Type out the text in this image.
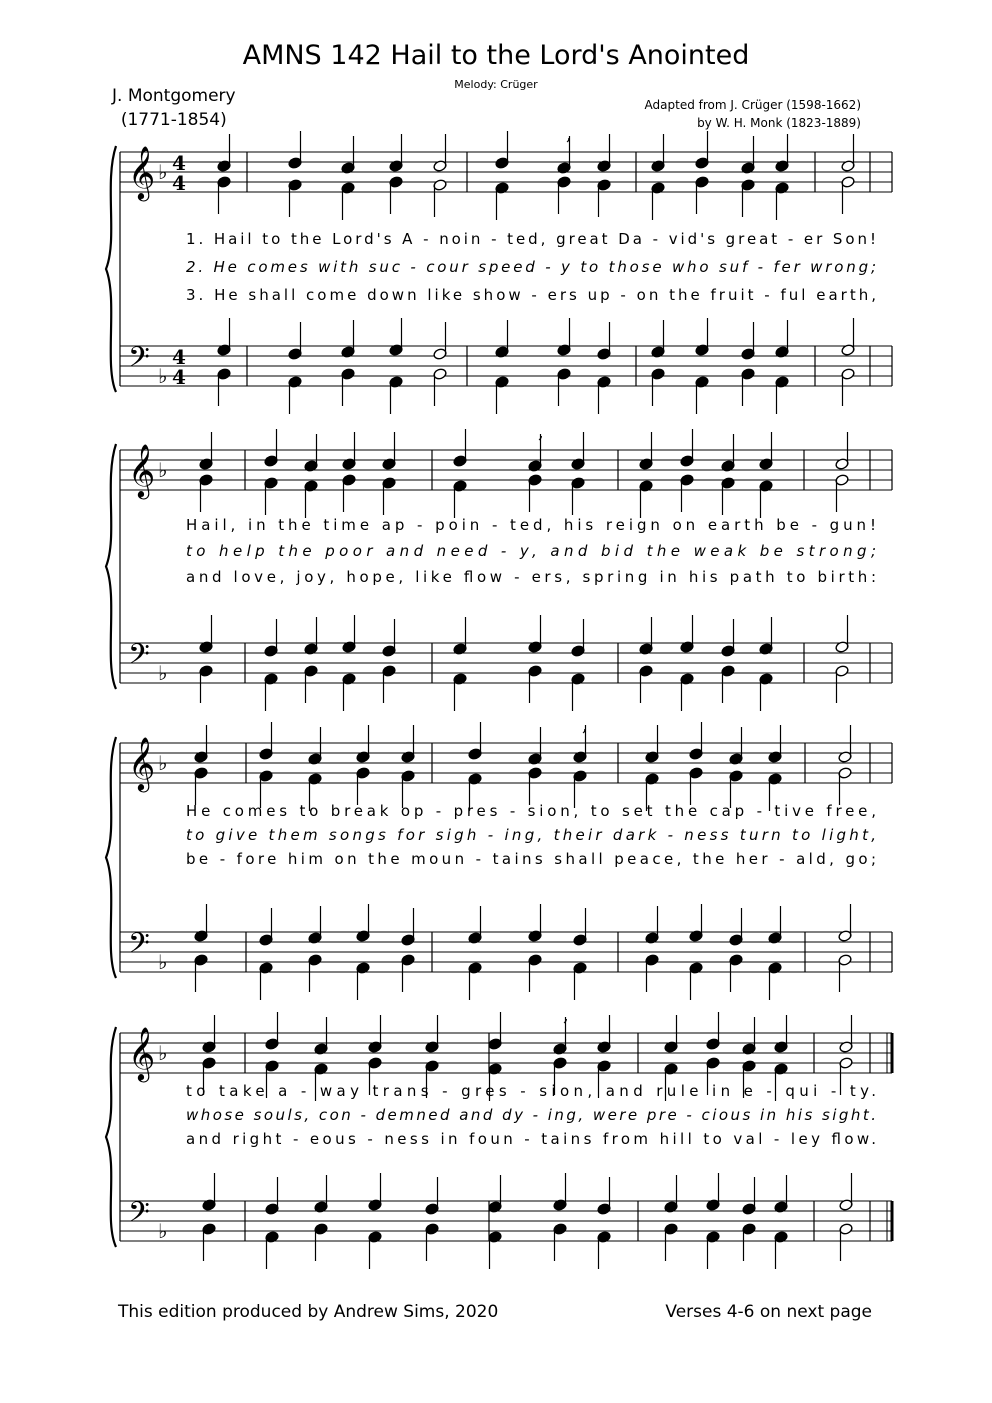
AMNS 142 Hail to the Lord's Anointed
Melody: Crüger
J. Montgomery
(1771-1854)
Adapted from J. Crüger (1598-1662)
by W. H. Monk (1823-1889)
𝄞 ♭ 4
4
𝄢 ♭
4
4
,
1. Hail to the Lord's A - noin - ted, great Da - vid's great - er Son!
2. He comes with suc - cour speed - y to those who suf - fer wrong;
3. He shall come down like show - ers up - on the fruit - ful earth,
𝄞 ♭
𝄢 ♭
,
Hail, in the time ap - poin - ted, his reign on earth be - gun!
to help the poor and need - y, and bid the weak be strong;
and love, joy, hope, like flow - ers, spring in his path to birth:
𝄞 ♭
𝄢 ♭
,
He comes to break op - pres - sion, to set the cap - tive free,
to give them songs for sigh - ing, their dark - ness turn to light,
be - fore him on the moun - tains shall peace, the her - ald, go;
𝄞 ♭
𝄢 ♭
,
to take a - way trans - gres - sion, and rule in e - qui - ty.
whose souls, con - demned and dy - ing, were pre - cious in his sight.
and right - eous - ness in foun - tains from hill to val - ley flow.
This edition produced by Andrew Sims, 2020	Verses 4-6 on next page
